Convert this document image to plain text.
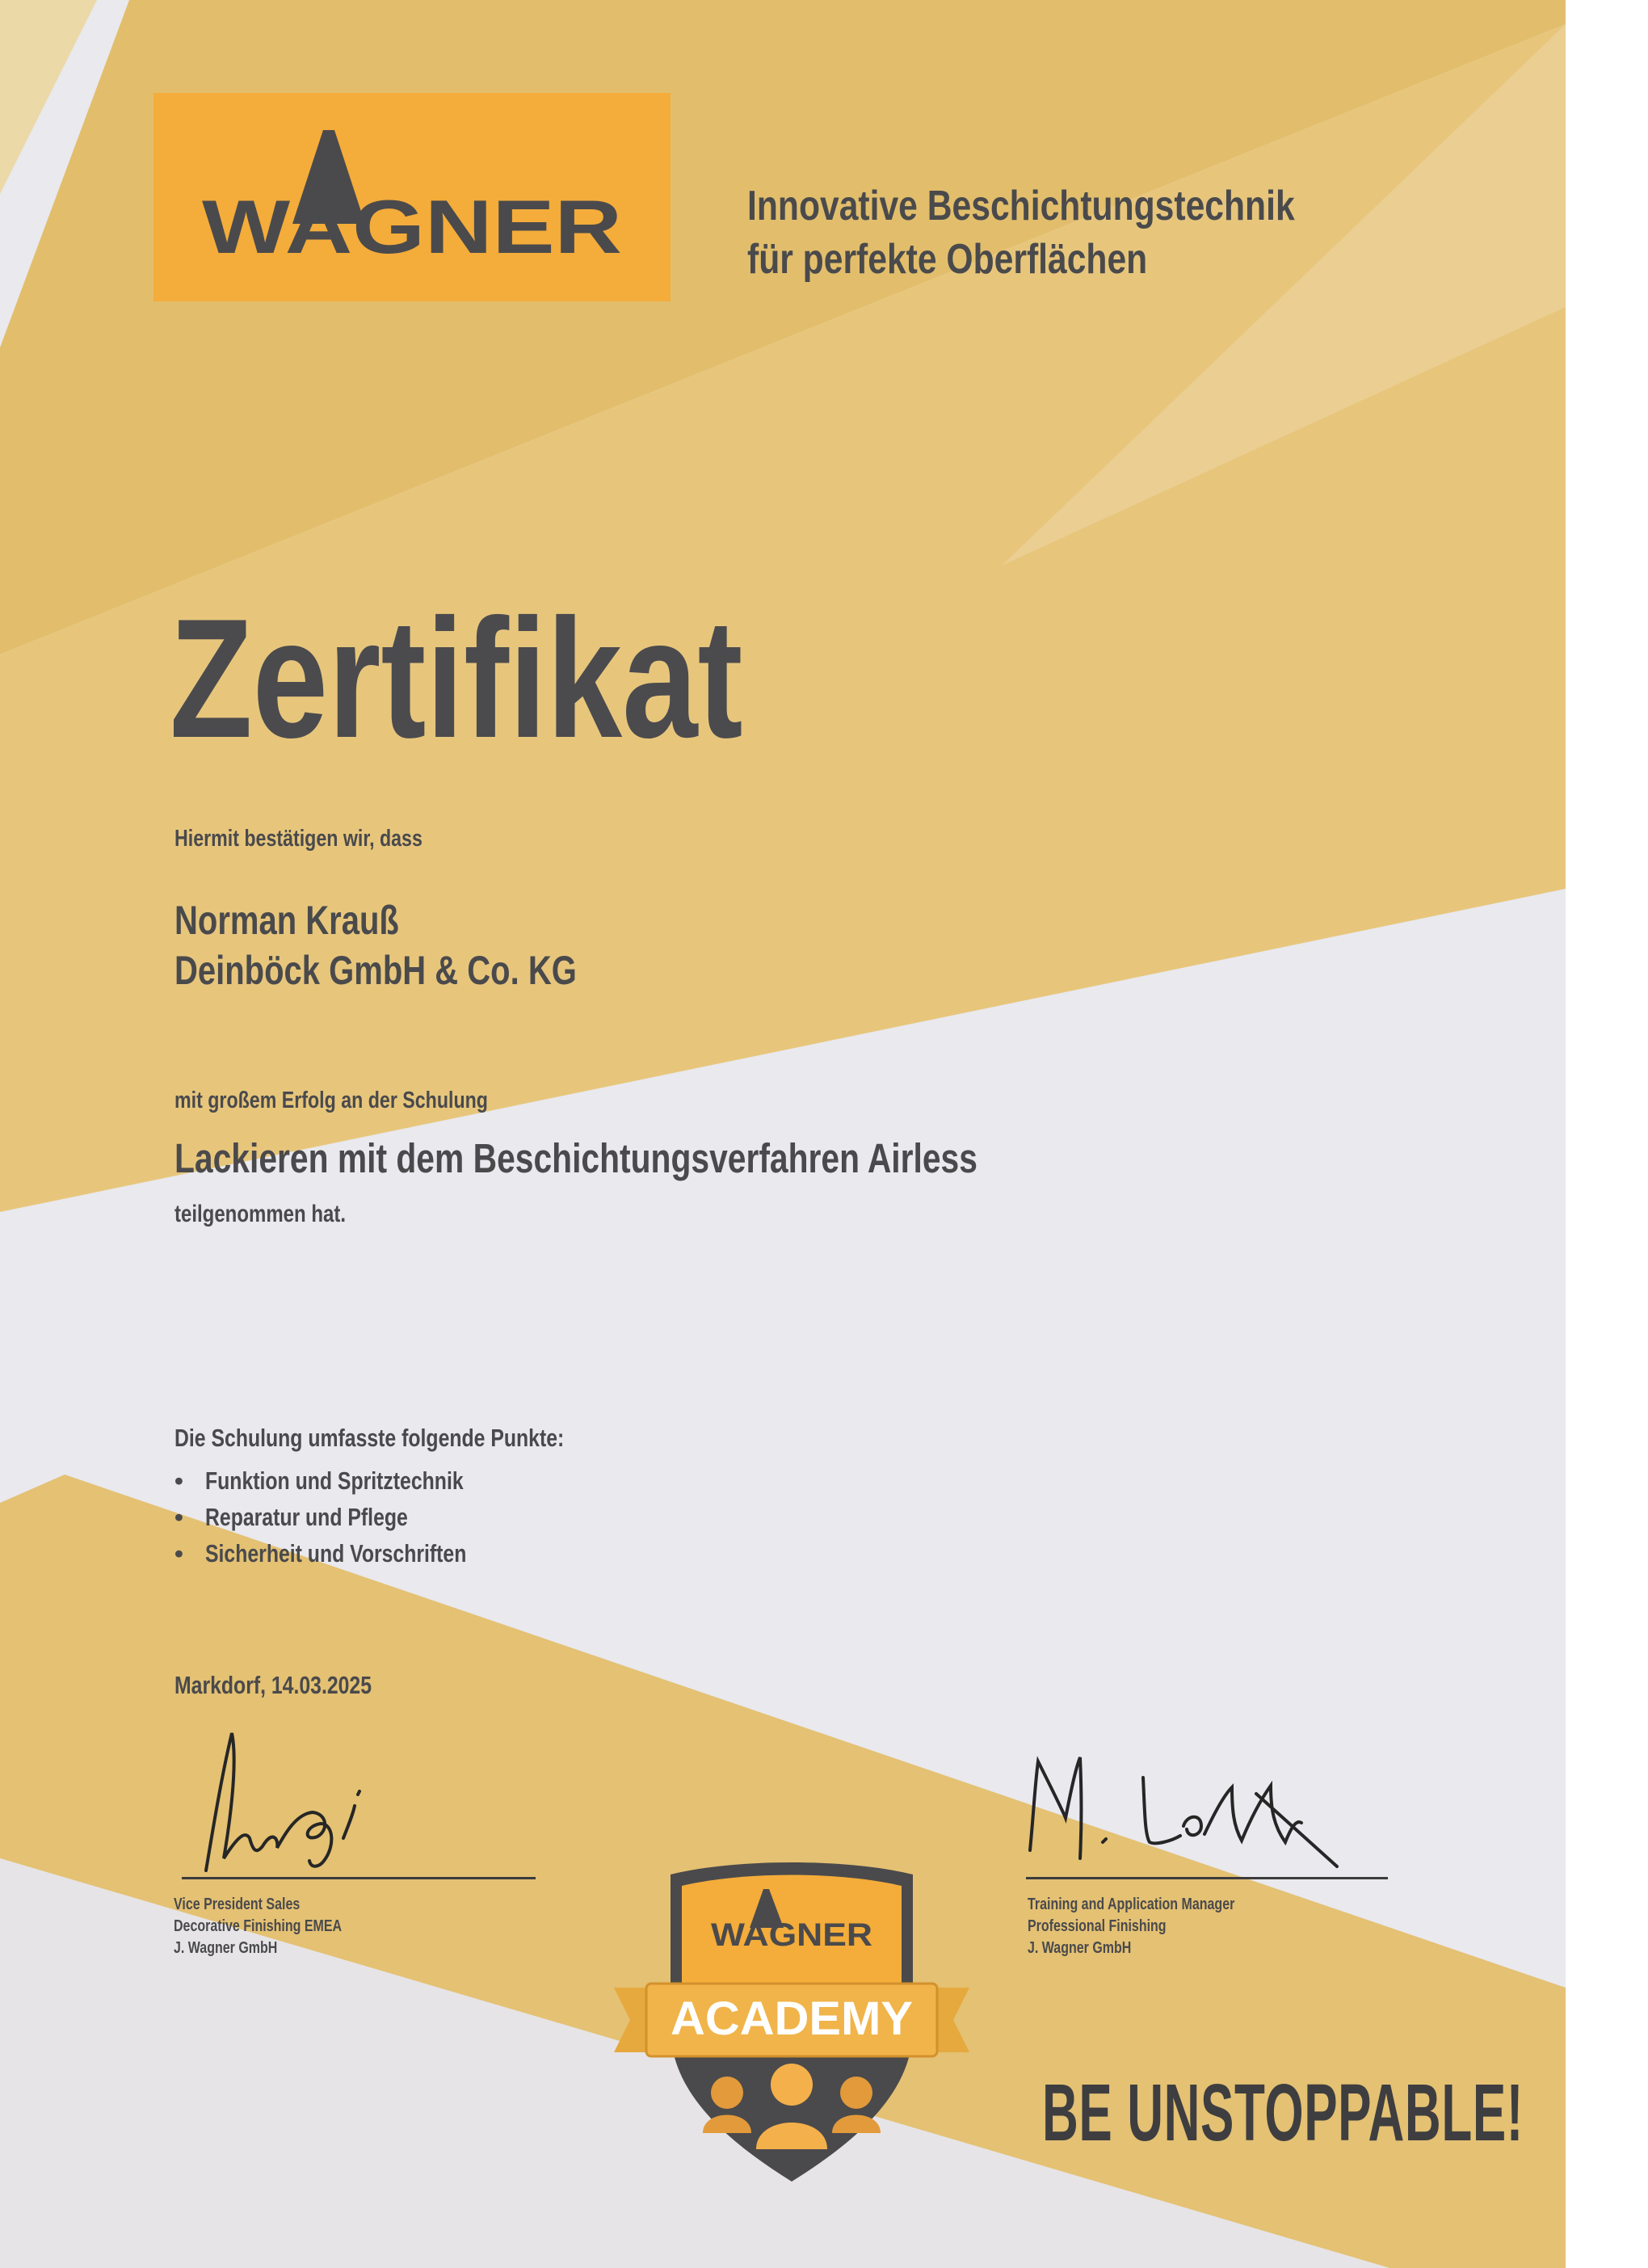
WAGNER	Innovative Beschichtungstechnik
für perfekte Oberflächen
Zertifikat
Hiermit bestätigen wir, dass
Norman Krauß
Deinböck GmbH & Co. KG
mit großem Erfolg an der Schulung
Lackieren mit dem Beschichtungsverfahren Airless
teilgenommen hat.
Die Schulung umfasste folgende Punkte:
• Funktion und Spritztechnik
• Reparatur und Pflege
• Sicherheit und Vorschriften
Markdorf, 14.03.2025
Vice President Sales
Decorative Finishing EMEA
J. Wagner GmbH
Training and Application Manager
Professional Finishing
J. Wagner GmbH
WAGNER
ACADEMY
BE UNSTOPPABLE!
